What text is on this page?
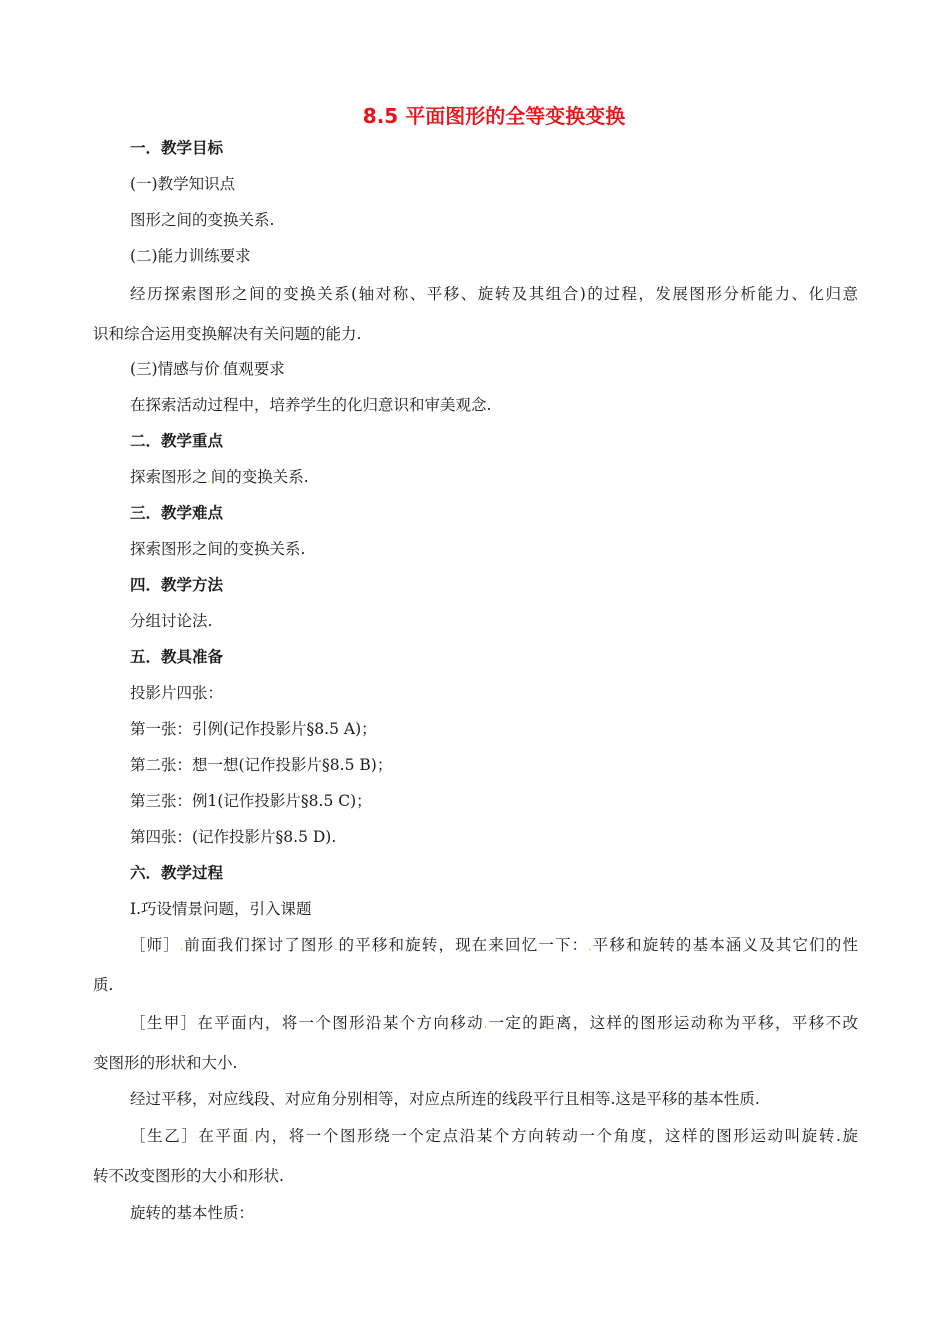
8.5 平面图形的全等变换变换
一．教学目标
(一)教学知识点
图形之间的变换关系.
(二)能力训练要求
经历探索图形之间的变换关系(轴对称、平移、旋转及其组合)的过程，发展图形分析能力、化归意
识和综合运用变换解决有关问题的能力.
(三)情感与价.值观要求
在探索活动过程中，培养学生的化归意识和审美观念.
二．教学重点
探索图形之.间的变换关系.
三．教学难点
探索图形之间的变换关系.
四．教学方法
分组讨论法.
五．教具准备
投影片四张：
第一张：引例(记作投影片§8.5 A)；
第二张：想一想(记作投影片§8.5 B)；
第三张：例1(记作投影片§8.5 C)；
第四张：(记作投影片§8.5 D).
六．教学过程
Ⅰ.巧设情景问题，引入课题
［师］.前面我们探讨了图形.的平移和旋转，现在来回忆一下：.平移和旋转的基本涵义及其它们的性
质.
［生甲］在平面内，将一个图形沿某个方向移动.一定的距离，这样的图形运动称为平移，平移不改
变图形的形状和大小.
经过平移，对应线段、对应角分别相等，对应点所连的线段平行且相等.这是平移的基本性质.
［生乙］在平面.内，将一个图形绕一个定点沿某个方向转动一个角度，这样的图形运动叫旋转.旋
转不改变图形的大小和形状.
旋转的基本性质：
